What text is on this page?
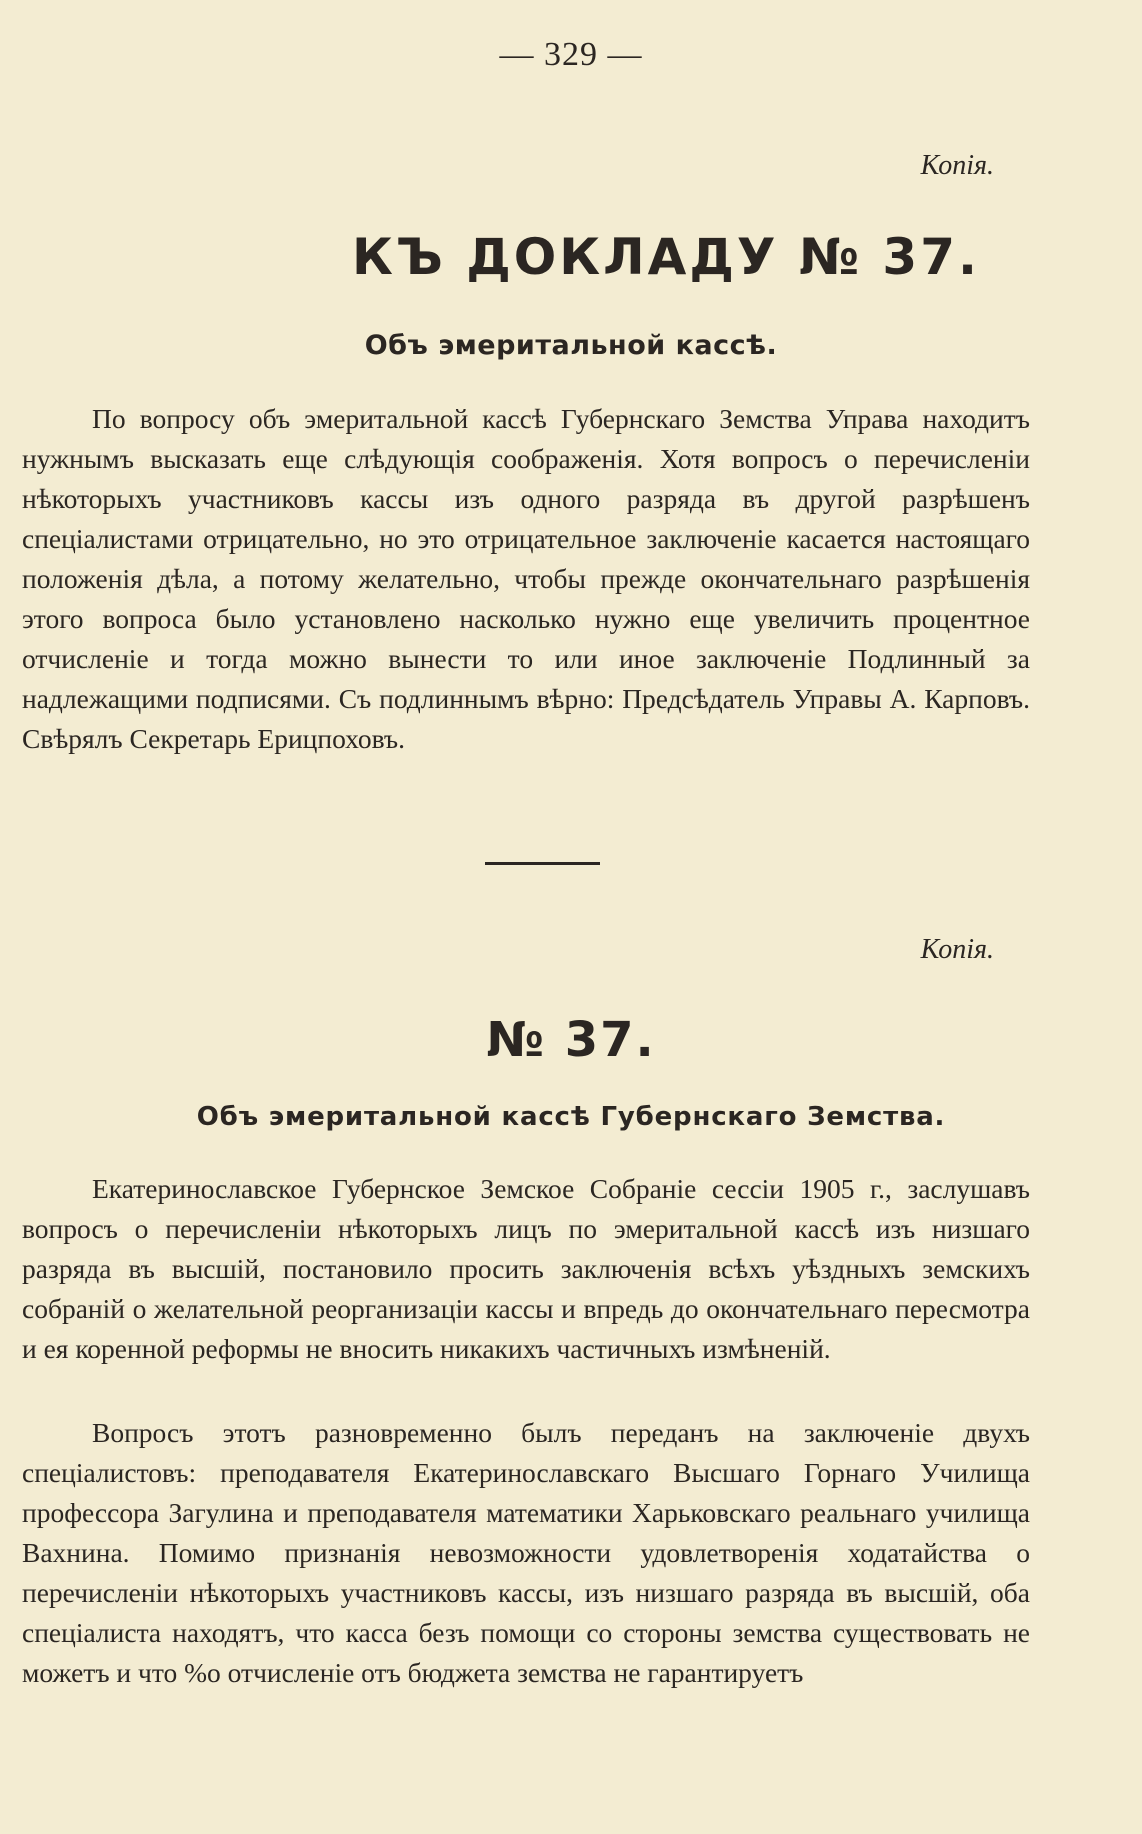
— 329 —
Копія.
КЪ ДОКЛАДУ № 37.
Объ эмеритальной кассѣ.
По вопросу объ эмеритальной кассѣ Губернскаго Земства Управа находитъ нужнымъ высказать еще слѣдующія соображенія. Хотя вопросъ о перечисленіи нѣкоторыхъ участниковъ кассы изъ одного разряда въ другой разрѣшенъ спеціалистами отрицательно, но это отрицательное заключеніе касается настоящаго положенія дѣла, а потому желательно, чтобы прежде окончательнаго разрѣшенія этого вопроса было установлено насколько нужно еще увеличить процентное отчисленіе и тогда можно вынести то или иное заключеніе Подлинный за надлежащими подписями. Съ подлиннымъ вѣрно: Предсѣдатель Управы А. Карповъ. Свѣрялъ Секретарь Ерицпоховъ.
Копія.
№ 37.
Объ эмеритальной кассѣ Губернскаго Земства.
Екатеринославское Губернское Земское Собраніе сессіи 1905 г., заслушавъ вопросъ о перечисленіи нѣкоторыхъ лицъ по эмеритальной кассѣ изъ низшаго разряда въ высшій, постановило просить заключенія всѣхъ уѣздныхъ земскихъ собраній о желательной реорганизаціи кассы и впредь до окончательнаго пересмотра и ея коренной реформы не вносить никакихъ частичныхъ измѣненій.
Вопросъ этотъ разновременно былъ переданъ на заключеніе двухъ спеціалистовъ: преподавателя Екатеринославскаго Высшаго Горнаго Училища профессора Загулина и преподавателя математики Харьковскаго реальнаго училища Вахнина. Помимо признанія невозможности удовлетворенія ходатайства о перечисленіи нѣкоторыхъ участниковъ кассы, изъ низшаго разряда въ высшій, оба спеціалиста находятъ, что касса безъ помощи со стороны земства существовать не можетъ и что %o отчисленіе отъ бюджета земства не гарантируетъ
